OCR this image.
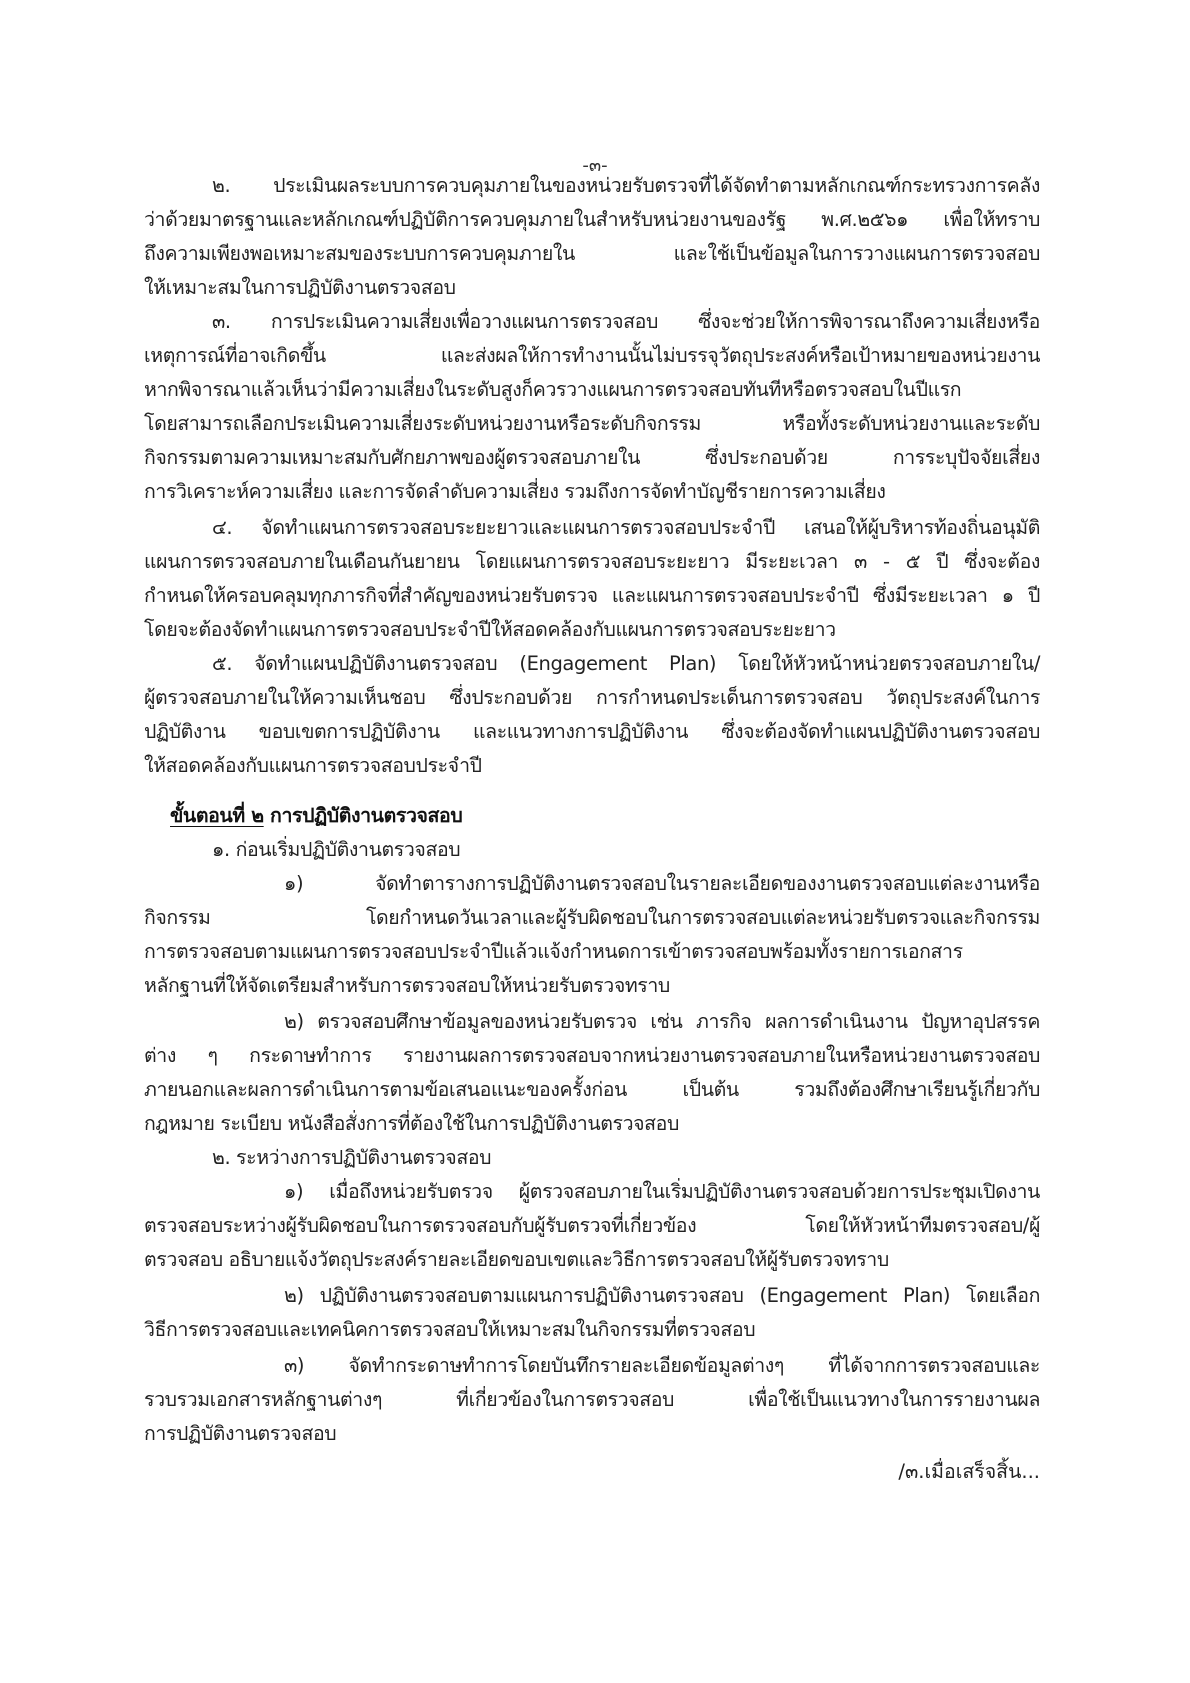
-๓-
๒. ประเมินผลระบบการควบคุมภายในของหน่วยรับตรวจที่ได้จัดทำตามหลักเกณฑ์กระทรวงการคลัง
ว่าด้วยมาตรฐานและหลักเกณฑ์ปฏิบัติการควบคุมภายในสำหรับหน่วยงานของรัฐ พ.ศ.๒๕๖๑ เพื่อให้ทราบ
ถึงความเพียงพอเหมาะสมของระบบการควบคุมภายใน และใช้เป็นข้อมูลในการวางแผนการตรวจสอบ
ให้เหมาะสมในการปฏิบัติงานตรวจสอบ
๓. การประเมินความเสี่ยงเพื่อวางแผนการตรวจสอบ ซึ่งจะช่วยให้การพิจารณาถึงความเสี่ยงหรือ
เหตุการณ์ที่อาจเกิดขึ้น และส่งผลให้การทำงานนั้นไม่บรรจุวัตถุประสงค์หรือเป้าหมายของหน่วยงาน
หากพิจารณาแล้วเห็นว่ามีความเสี่ยงในระดับสูงก็ควรวางแผนการตรวจสอบทันทีหรือตรวจสอบในปีแรก
โดยสามารถเลือกประเมินความเสี่ยงระดับหน่วยงานหรือระดับกิจกรรม หรือทั้งระดับหน่วยงานและระดับ
กิจกรรมตามความเหมาะสมกับศักยภาพของผู้ตรวจสอบภายใน ซึ่งประกอบด้วย การระบุปัจจัยเสี่ยง
การวิเคราะห์ความเสี่ยง และการจัดลำดับความเสี่ยง รวมถึงการจัดทำบัญชีรายการความเสี่ยง
๔. จัดทำแผนการตรวจสอบระยะยาวและแผนการตรวจสอบประจำปี เสนอให้ผู้บริหารท้องถิ่นอนุมัติ
แผนการตรวจสอบภายในเดือนกันยายน โดยแผนการตรวจสอบระยะยาว มีระยะเวลา ๓ - ๕ ปี ซึ่งจะต้อง
กำหนดให้ครอบคลุมทุกภารกิจที่สำคัญของหน่วยรับตรวจ และแผนการตรวจสอบประจำปี ซึ่งมีระยะเวลา ๑ ปี
โดยจะต้องจัดทำแผนการตรวจสอบประจำปีให้สอดคล้องกับแผนการตรวจสอบระยะยาว
๕. จัดทำแผนปฏิบัติงานตรวจสอบ (Engagement Plan) โดยให้หัวหน้าหน่วยตรวจสอบภายใน/
ผู้ตรวจสอบภายในให้ความเห็นชอบ ซึ่งประกอบด้วย การกำหนดประเด็นการตรวจสอบ วัตถุประสงค์ในการ
ปฏิบัติงาน ขอบเขตการปฏิบัติงาน และแนวทางการปฏิบัติงาน ซึ่งจะต้องจัดทำแผนปฏิบัติงานตรวจสอบ
ให้สอดคล้องกับแผนการตรวจสอบประจำปี
ขั้นตอนที่ ๒ การปฏิบัติงานตรวจสอบ
๑. ก่อนเริ่มปฏิบัติงานตรวจสอบ
๑) จัดทำตารางการปฏิบัติงานตรวจสอบในรายละเอียดของงานตรวจสอบแต่ละงานหรือ
กิจกรรม โดยกำหนดวันเวลาและผู้รับผิดชอบในการตรวจสอบแต่ละหน่วยรับตรวจและกิจกรรม
การตรวจสอบตามแผนการตรวจสอบประจำปีแล้วแจ้งกำหนดการเข้าตรวจสอบพร้อมทั้งรายการเอกสาร
หลักฐานที่ให้จัดเตรียมสำหรับการตรวจสอบให้หน่วยรับตรวจทราบ
๒) ตรวจสอบศึกษาข้อมูลของหน่วยรับตรวจ เช่น ภารกิจ ผลการดำเนินงาน ปัญหาอุปสรรค
ต่าง ๆ กระดาษทำการ รายงานผลการตรวจสอบจากหน่วยงานตรวจสอบภายในหรือหน่วยงานตรวจสอบ
ภายนอกและผลการดำเนินการตามข้อเสนอแนะของครั้งก่อน เป็นต้น รวมถึงต้องศึกษาเรียนรู้เกี่ยวกับ
กฎหมาย ระเบียบ หนังสือสั่งการที่ต้องใช้ในการปฏิบัติงานตรวจสอบ
๒. ระหว่างการปฏิบัติงานตรวจสอบ
๑) เมื่อถึงหน่วยรับตรวจ ผู้ตรวจสอบภายในเริ่มปฏิบัติงานตรวจสอบด้วยการประชุมเปิดงาน
ตรวจสอบระหว่างผู้รับผิดชอบในการตรวจสอบกับผู้รับตรวจที่เกี่ยวข้อง โดยให้หัวหน้าทีมตรวจสอบ/ผู้
ตรวจสอบ อธิบายแจ้งวัตถุประสงค์รายละเอียดขอบเขตและวิธีการตรวจสอบให้ผู้รับตรวจทราบ
๒) ปฏิบัติงานตรวจสอบตามแผนการปฏิบัติงานตรวจสอบ (Engagement Plan) โดยเลือก
วิธีการตรวจสอบและเทคนิคการตรวจสอบให้เหมาะสมในกิจกรรมที่ตรวจสอบ
๓) จัดทำกระดาษทำการโดยบันทึกรายละเอียดข้อมูลต่างๆ ที่ได้จากการตรวจสอบและ
รวบรวมเอกสารหลักฐานต่างๆ ที่เกี่ยวข้องในการตรวจสอบ เพื่อใช้เป็นแนวทางในการรายงานผล
การปฏิบัติงานตรวจสอบ
/๓.เมื่อเสร็จสิ้น...
